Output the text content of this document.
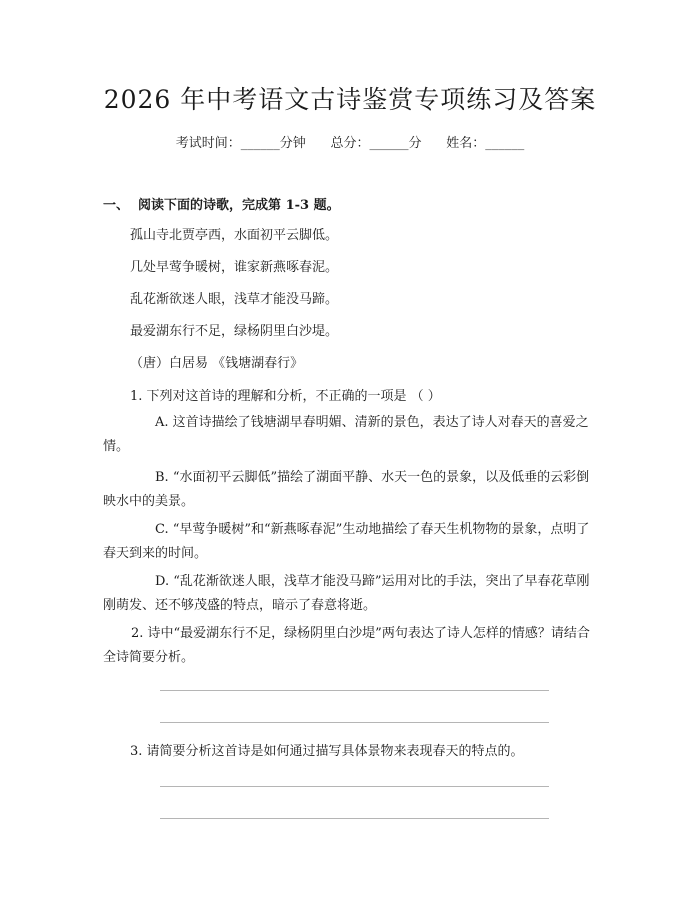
2026 年中考语文古诗鉴赏专项练习及答案
考试时间：______分钟      总分：______分      姓名：______
一、  阅读下面的诗歌，完成第 1-3 题。
孤山寺北贾亭西，水面初平云脚低。
几处早莺争暖树，谁家新燕啄春泥。
乱花渐欲迷人眼，浅草才能没马蹄。
最爱湖东行不足，绿杨阴里白沙堤。
（唐）白居易 《钱塘湖春行》
1. 下列对这首诗的理解和分析，不正确的一项是 （ ）
A. 这首诗描绘了钱塘湖早春明媚、清新的景色，表达了诗人对春天的喜爱之情。
B. “水面初平云脚低”描绘了湖面平静、水天一色的景象，以及低垂的云彩倒映水中的美景。
C. “早莺争暖树”和“新燕啄春泥”生动地描绘了春天生机物物的景象，点明了春天到来的时间。
D. “乱花渐欲迷人眼，浅草才能没马蹄”运用对比的手法，突出了早春花草刚刚萌发、还不够茂盛的特点，暗示了春意将逝。
2. 诗中“最爱湖东行不足，绿杨阴里白沙堤”两句表达了诗人怎样的情感？请结合全诗简要分析。
3. 请简要分析这首诗是如何通过描写具体景物来表现春天的特点的。
